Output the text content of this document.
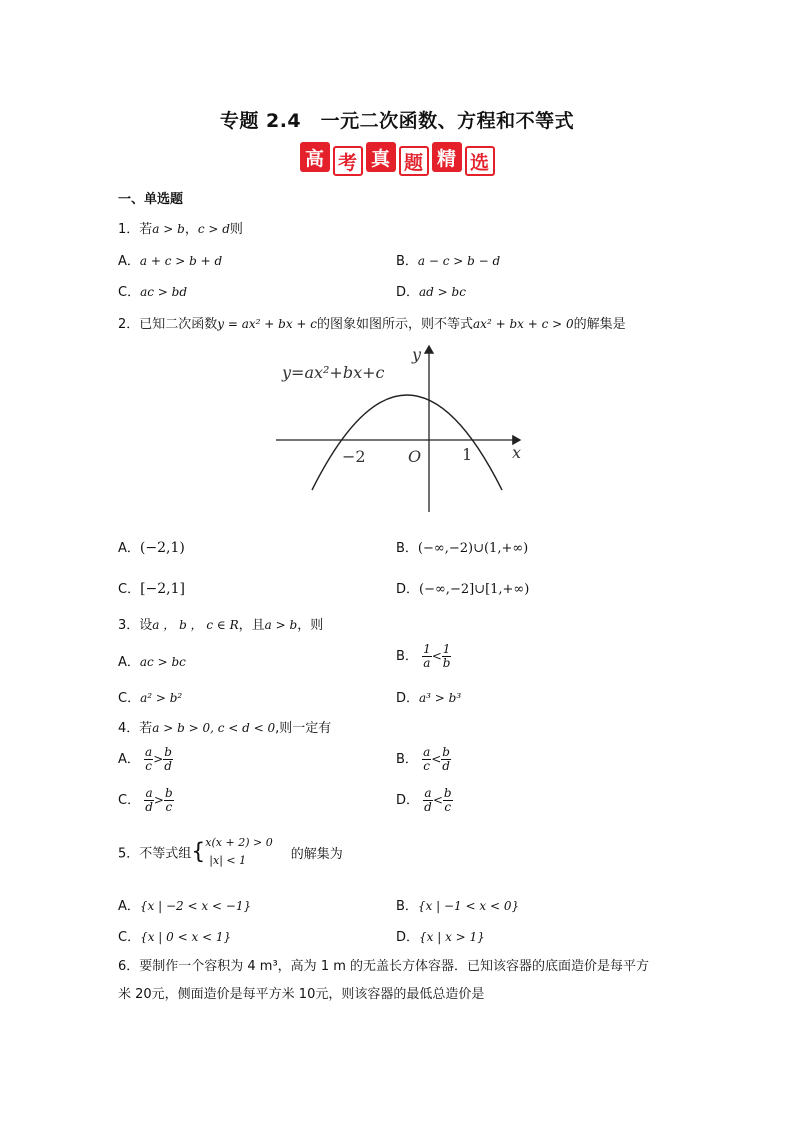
专题 2.4　一元二次函数、方程和不等式
高 考 真 题 精 选
一、单选题
1．若a > b，c > d则
A．a + c > b + d	B．a − c > b − d
C．ac > bd	D．ad > bc
2．已知二次函数y = ax² + bx + c的图象如图所示，则不等式ax² + bx + c > 0的解集是
y=ax²+bx+c
y
x
O
−2	1
A．(−2,1)	B．(−∞,−2)∪(1,+∞)
C．[−2,1]	D．(−∞,−2]∪[1,+∞)
3．设a ， b ， c ∈ R，且a > b，则
A．ac > bc	B． $\frac{1}{a} < \frac{1}{b}$
C．a² > b²	D．a³ > b³
4．若a > b > 0, c < d < 0,则一定有
A． $\frac{a}{c} > \frac{b}{d}$	B． $\frac{a}{c} < \frac{b}{d}$
C． $\frac{a}{d} > \frac{b}{c}$	D． $\frac{a}{d} < \frac{b}{c}$
5．不等式组{ x(x + 2) > 0
|x| < 1	的解集为
A．{x | −2 < x < −1}	B．{x | −1 < x < 0}
C．{x | 0 < x < 1}	D．{x | x > 1}
6．要制作一个容积为 4 m³，高为 1 m 的无盖长方体容器．已知该容器的底面造价是每平方
米 20元，侧面造价是每平方米 10元，则该容器的最低总造价是
